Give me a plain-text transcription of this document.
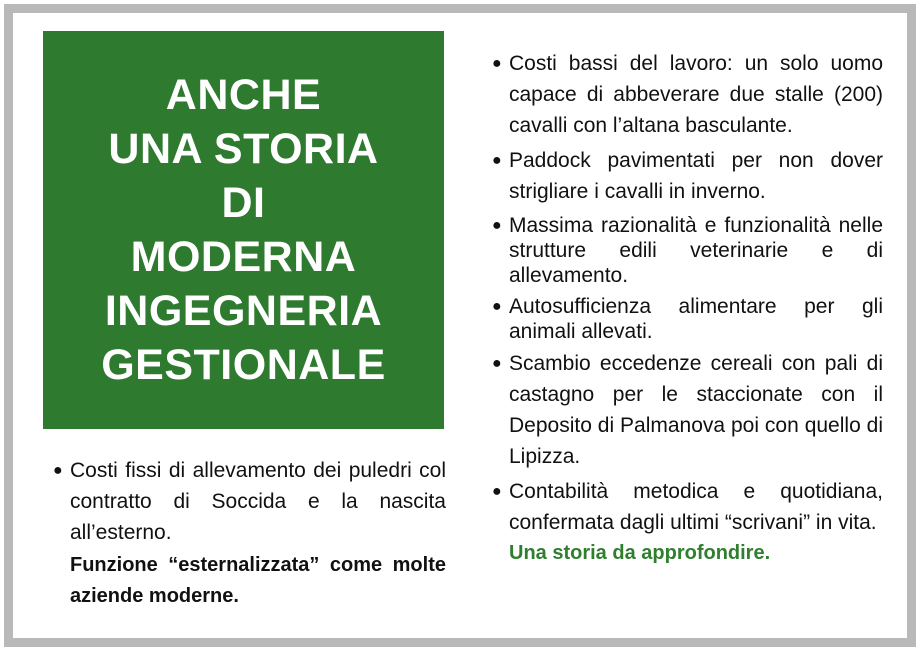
ANCHE
UNA STORIA
DI
MODERNA
INGEGNERIA
GESTIONALE
● Costi fissi di allevamento dei puledri col contratto di Soccida e la nascita all’esterno.

Funzione “esternalizzata” come molte aziende moderne.

● Costi bassi del lavoro: un solo uomo capace di abbeverare due stalle (200) cavalli con l’altana basculante.
● Paddock pavimentati per non dover strigliare i cavalli in inverno.
● Massima razionalità e funzionalità nelle strutture edili veterinarie e di allevamento.
● Autosufficienza alimentare per gli animali allevati.
● Scambio eccedenze cereali con pali di castagno per le staccionate con il Deposito di Palmanova poi con quello di Lipizza.
● Contabilità metodica e quotidiana, confermata dagli ultimi “scrivani” in vita.

Una storia da approfondire.
